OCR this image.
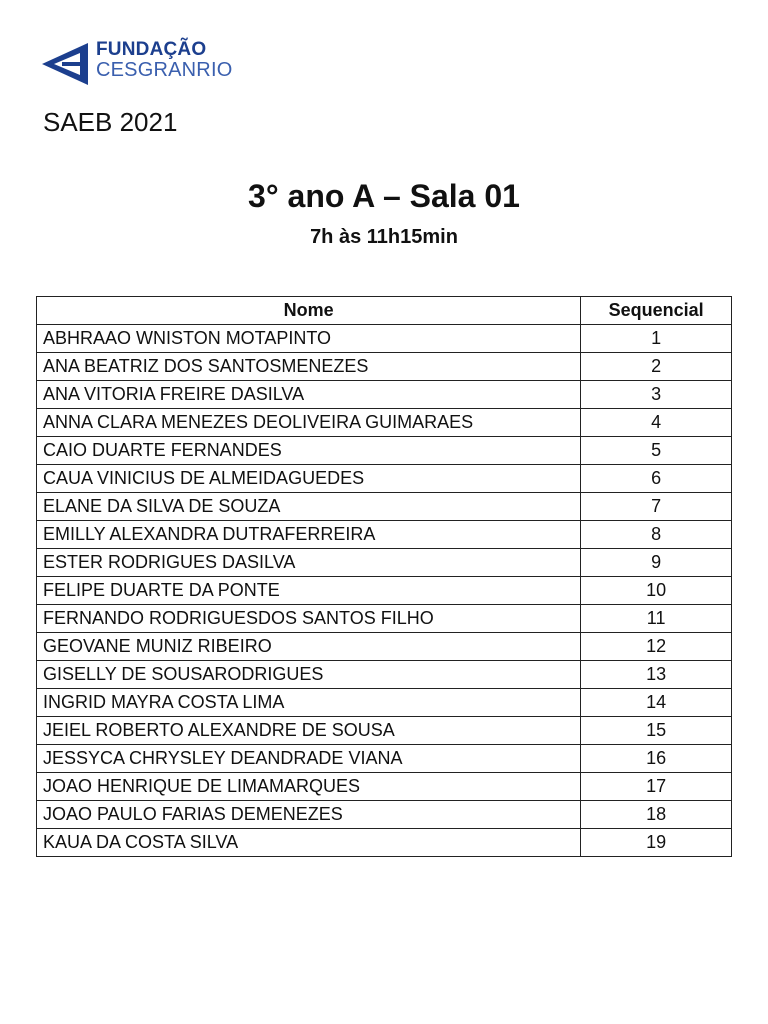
FUNDAÇÃO
CESGRANRIO
SAEB 2021
3° ano A – Sala 01
7h às 11h15min
Nome	Sequencial
ABHRAAO WNISTON MOTAPINTO	1
ANA BEATRIZ DOS SANTOSMENEZES	2
ANA VITORIA FREIRE DASILVA	3
ANNA CLARA MENEZES DEOLIVEIRA GUIMARAES	4
CAIO DUARTE FERNANDES	5
CAUA VINICIUS DE ALMEIDAGUEDES	6
ELANE DA SILVA DE SOUZA	7
EMILLY ALEXANDRA DUTRAFERREIRA	8
ESTER RODRIGUES DASILVA	9
FELIPE DUARTE DA PONTE	10
FERNANDO RODRIGUESDOS SANTOS FILHO	11
GEOVANE MUNIZ RIBEIRO	12
GISELLY DE SOUSARODRIGUES	13
INGRID MAYRA COSTA LIMA	14
JEIEL ROBERTO ALEXANDRE DE SOUSA	15
JESSYCA CHRYSLEY DEANDRADE VIANA	16
JOAO HENRIQUE DE LIMAMARQUES	17
JOAO PAULO FARIAS DEMENEZES	18
KAUA DA COSTA SILVA	19
